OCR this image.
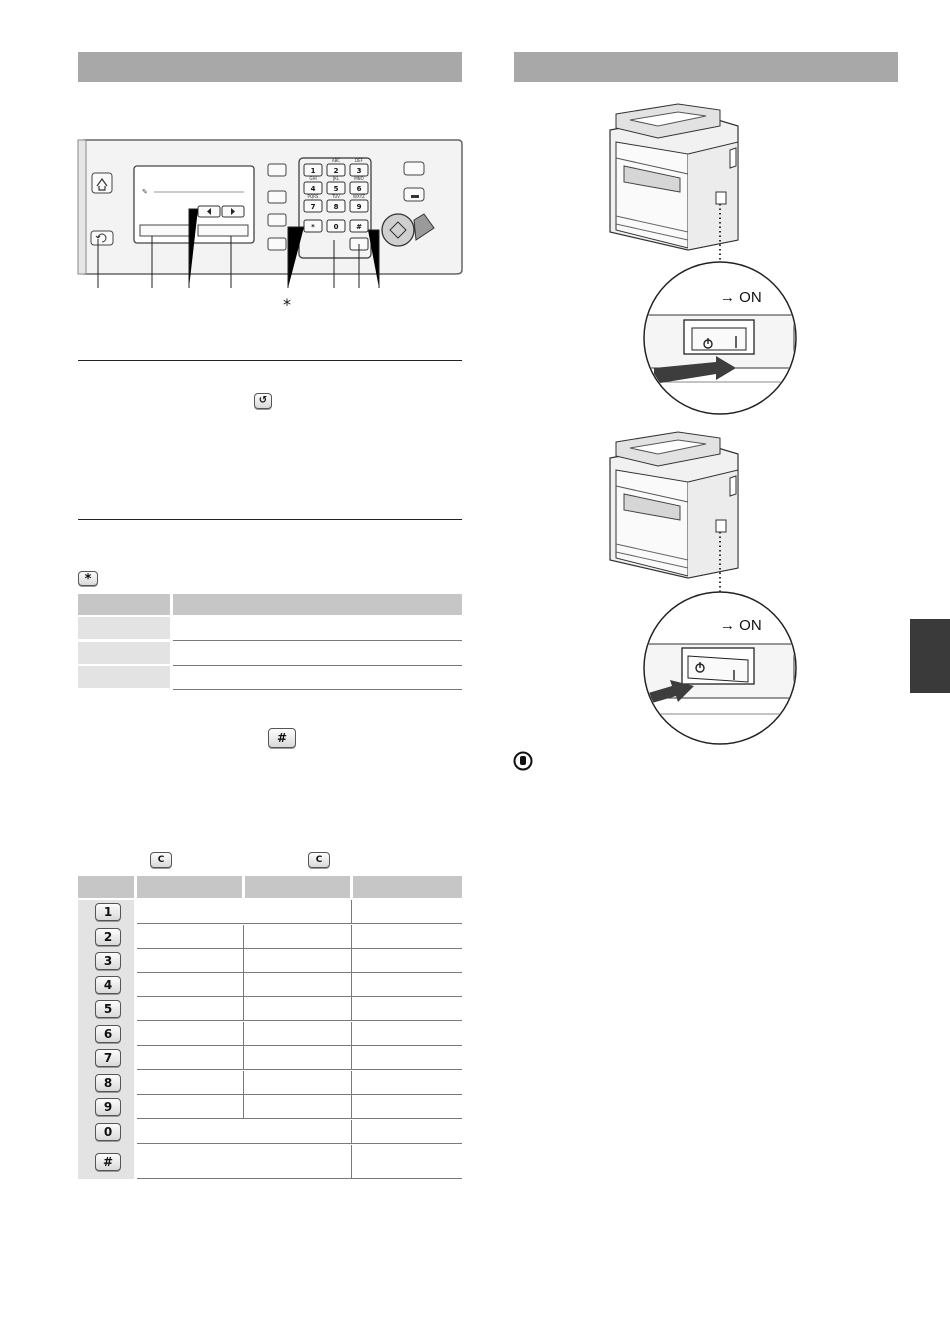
✎
1	2	3
4	5	6
7	8	9
*	0	#
ABC	DEF
GHI	JKL	MNO
PQRS	TUV	WXYZ
*
↺
*
#
C	C
1
2
3
4
5
6
7
8
9
0
#
→ ON
→ ON
